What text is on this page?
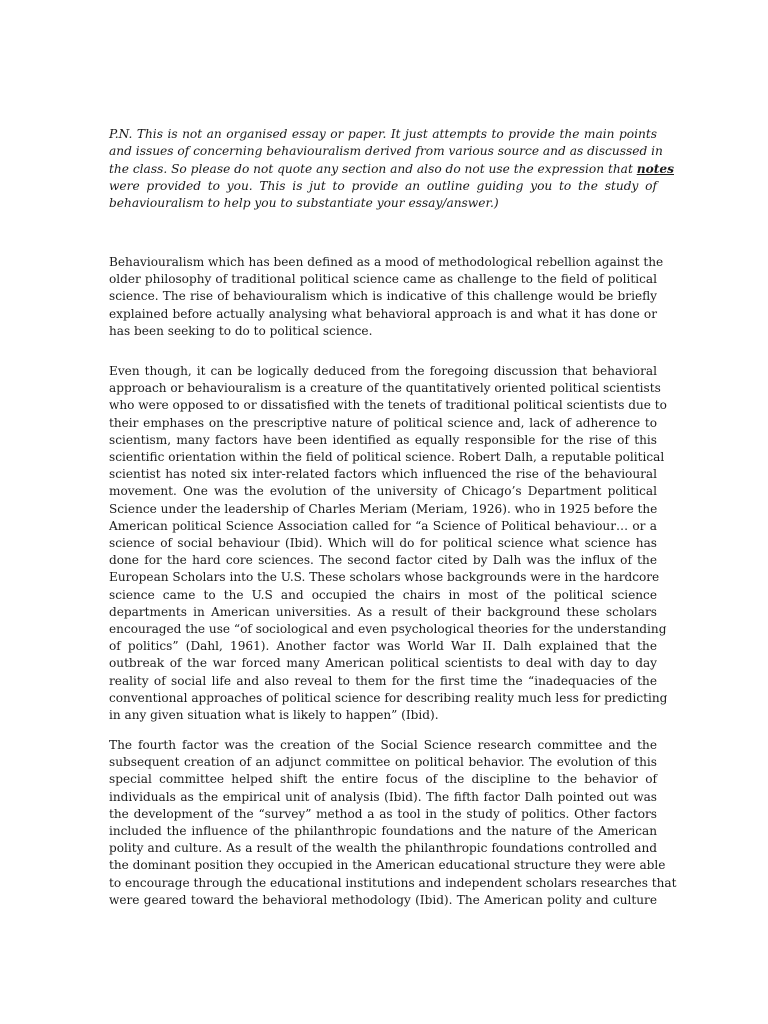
P.N. This is not an organised essay or paper. It just attempts to provide the main points
and issues of concerning behaviouralism derived from various source and as discussed in
the class. So please do not quote any section and also do not use the expression that notes
were provided to you. This is jut to provide an outline guiding you to the study of
behaviouralism to help you to substantiate your essay/answer.)
Behaviouralism which has been defined as a mood of methodological rebellion against the
older philosophy of traditional political science came as challenge to the field of political
science. The rise of behaviouralism which is indicative of this challenge would be briefly
explained before actually analysing what behavioral approach is and what it has done or
has been seeking to do to political science.
Even though, it can be logically deduced from the foregoing discussion that behavioral
approach or behaviouralism is a creature of the quantitatively oriented political scientists
who were opposed to or dissatisfied with the tenets of traditional political scientists due to
their emphases on the prescriptive nature of political science and, lack of adherence to
scientism, many factors have been identified as equally responsible for the rise of this
scientific orientation within the field of political science. Robert Dalh, a reputable political
scientist has noted six inter-related factors which influenced the rise of the behavioural
movement. One was the evolution of the university of Chicago’s Department political
Science under the leadership of Charles Meriam (Meriam, 1926). who in 1925 before the
American political Science Association called for “a Science of Political behaviour… or a
science of social behaviour (Ibid). Which will do for political science what science has
done for the hard core sciences. The second factor cited by Dalh was the influx of the
European Scholars into the U.S. These scholars whose backgrounds were in the hardcore
science came to the U.S and occupied the chairs in most of the political science
departments in American universities. As a result of their background these scholars
encouraged the use “of sociological and even psychological theories for the understanding
of politics” (Dahl, 1961). Another factor was World War II. Dalh explained that the
outbreak of the war forced many American political scientists to deal with day to day
reality of social life and also reveal to them for the first time the “inadequacies of the
conventional approaches of political science for describing reality much less for predicting
in any given situation what is likely to happen” (Ibid).
The fourth factor was the creation of the Social Science research committee and the
subsequent creation of an adjunct committee on political behavior. The evolution of this
special committee helped shift the entire focus of the discipline to the behavior of
individuals as the empirical unit of analysis (Ibid). The fifth factor Dalh pointed out was
the development of the “survey” method a as tool in the study of politics. Other factors
included the influence of the philanthropic foundations and the nature of the American
polity and culture. As a result of the wealth the philanthropic foundations controlled and
the dominant position they occupied in the American educational structure they were able
to encourage through the educational institutions and independent scholars researches that
were geared toward the behavioral methodology (Ibid). The American polity and culture
